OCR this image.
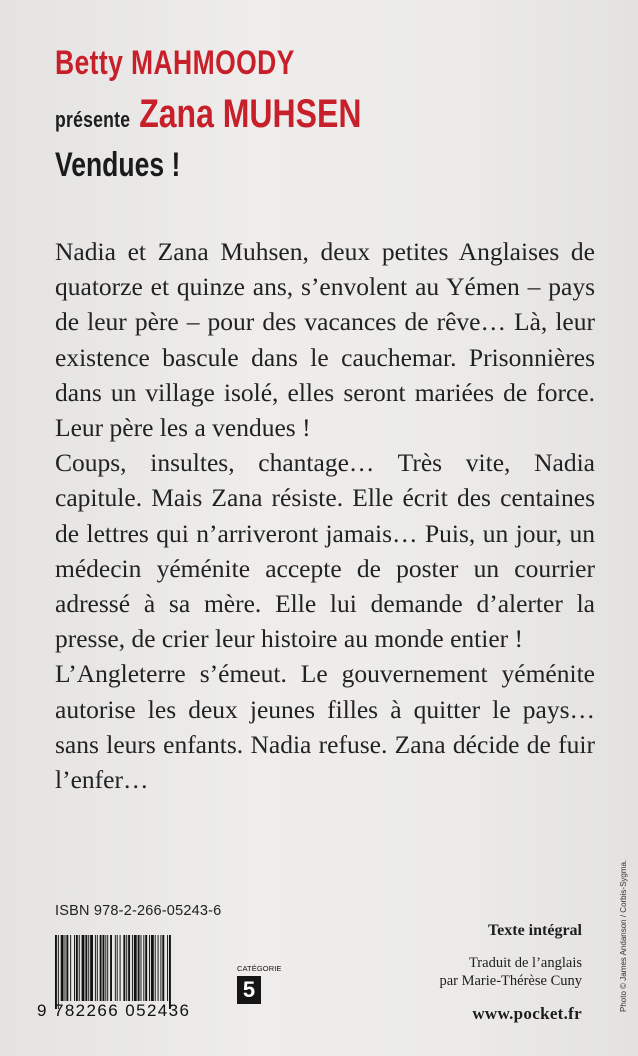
Betty MAHMOODY
présente Zana MUHSEN
Vendues !

Nadia et Zana Muhsen, deux petites Anglaises de quatorze et quinze ans, s’envolent au Yémen – pays de leur père – pour des vacances de rêve… Là, leur existence bascule dans le cauchemar. Prisonnières dans un village isolé, elles seront mariées de force. Leur père les a vendues !

Coups, insultes, chantage… Très vite, Nadia capitule. Mais Zana résiste. Elle écrit des centaines de lettres qui n’arriveront jamais… Puis, un jour, un médecin yéménite accepte de poster un courrier adressé à sa mère. Elle lui demande d’alerter la presse, de crier leur histoire au monde entier !

L’Angleterre s’émeut. Le gouvernement yéménite autorise les deux jeunes filles à quitter le pays… sans leurs enfants. Nadia refuse. Zana décide de fuir l’enfer…

ISBN 978-2-266-05243-6
9 782266 052436
CATÉGORIE
5
Texte intégral
Traduit de l’anglais
par Marie-Thérèse Cuny
www.pocket.fr
Photo © James Andanson / Corbis-Sygma.
